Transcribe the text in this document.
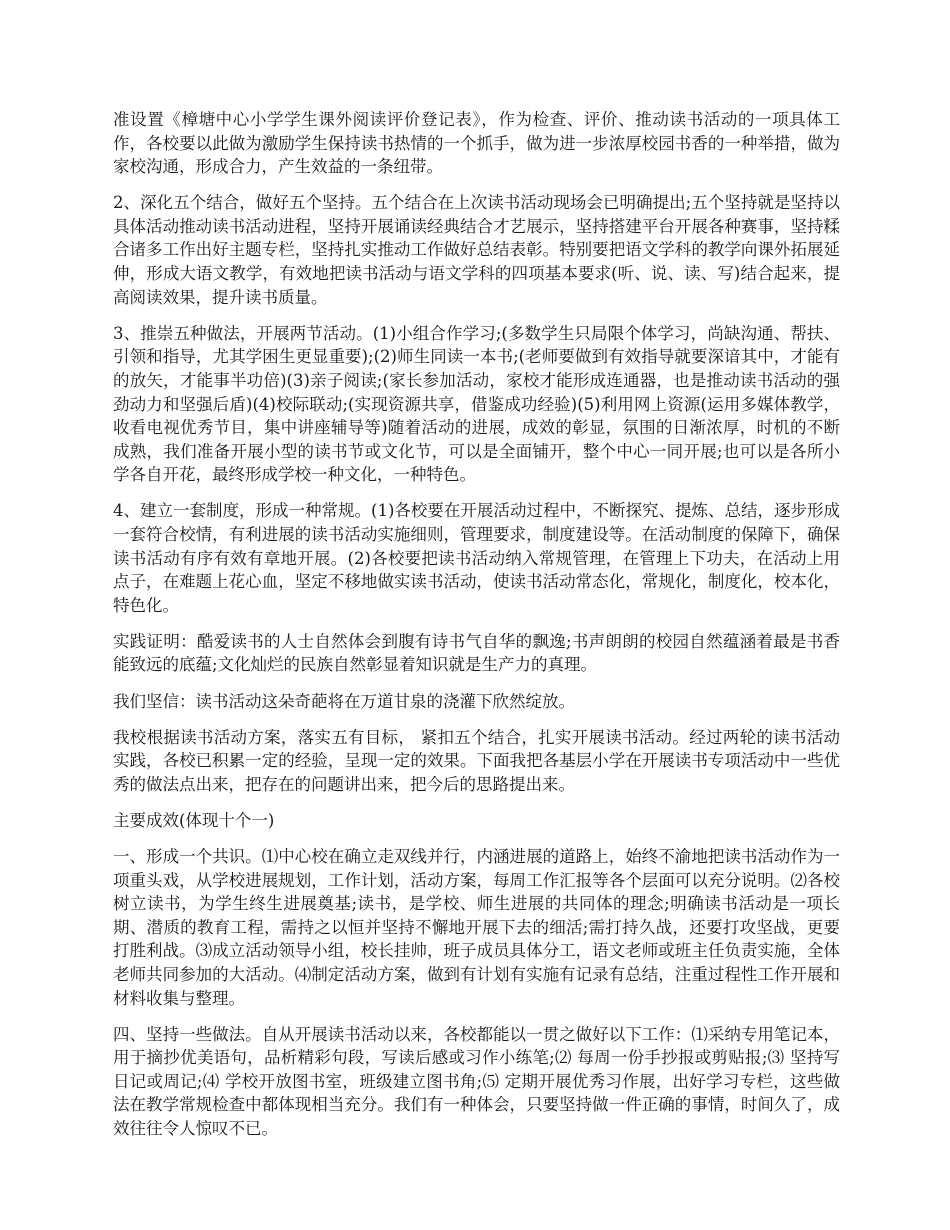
准设置《樟塘中心小学学生课外阅读评价登记表》，作为检查、评价、推动读书活动的一项具体工作，各校要以此做为激励学生保持读书热情的一个抓手，做为进一步浓厚校园书香的一种举措，做为家校沟通，形成合力，产生效益的一条纽带。

2、深化五个结合，做好五个坚持。五个结合在上次读书活动现场会已明确提出;五个坚持就是坚持以具体活动推动读书活动进程，坚持开展诵读经典结合才艺展示，坚持搭建平台开展各种赛事，坚持糅合诸多工作出好主题专栏，坚持扎实推动工作做好总结表彰。特别要把语文学科的教学向课外拓展延伸，形成大语文教学，有效地把读书活动与语文学科的四项基本要求(听、说、读、写)结合起来，提高阅读效果，提升读书质量。

3、推崇五种做法，开展两节活动。(1)小组合作学习;(多数学生只局限个体学习，尚缺沟通、帮扶、引领和指导，尤其学困生更显重要);(2)师生同读一本书;(老师要做到有效指导就要深谙其中，才能有的放矢，才能事半功倍)(3)亲子阅读;(家长参加活动，家校才能形成连通器，也是推动读书活动的强劲动力和坚强后盾)(4)校际联动;(实现资源共享，借鉴成功经验)(5)利用网上资源(运用多媒体教学，收看电视优秀节目，集中讲座辅导等)随着活动的进展，成效的彰显，氛围的日渐浓厚，时机的不断成熟，我们准备开展小型的读书节或文化节，可以是全面铺开，整个中心一同开展;也可以是各所小学各自开花，最终形成学校一种文化，一种特色。

4、建立一套制度，形成一种常规。(1)各校要在开展活动过程中，不断探究、提炼、总结，逐步形成一套符合校情，有利进展的读书活动实施细则，管理要求，制度建设等。在活动制度的保障下，确保读书活动有序有效有章地开展。(2)各校要把读书活动纳入常规管理，在管理上下功夫，在活动上用点子，在难题上花心血，坚定不移地做实读书活动，使读书活动常态化，常规化，制度化，校本化，特色化。

实践证明：酷爱读书的人士自然体会到腹有诗书气自华的飘逸;书声朗朗的校园自然蕴涵着最是书香能致远的底蕴;文化灿烂的民族自然彰显着知识就是生产力的真理。

我们坚信：读书活动这朵奇葩将在万道甘泉的浇灌下欣然绽放。

我校根据读书活动方案，落实五有目标， 紧扣五个结合，扎实开展读书活动。经过两轮的读书活动实践，各校已积累一定的经验，呈现一定的效果。下面我把各基层小学在开展读书专项活动中一些优秀的做法点出来，把存在的问题讲出来，把今后的思路提出来。

主要成效(体现十个一)

一、形成一个共识。⑴中心校在确立走双线并行，内涵进展的道路上，始终不渝地把读书活动作为一项重头戏，从学校进展规划，工作计划，活动方案，每周工作汇报等各个层面可以充分说明。⑵各校树立读书，为学生终生进展奠基;读书，是学校、师生进展的共同体的理念;明确读书活动是一项长期、潜质的教育工程，需持之以恒并坚持不懈地开展下去的细活;需打持久战，还要打攻坚战，更要打胜利战。⑶成立活动领导小组，校长挂帅，班子成员具体分工，语文老师或班主任负责实施，全体老师共同参加的大活动。⑷制定活动方案，做到有计划有实施有记录有总结，注重过程性工作开展和材料收集与整理。

四、坚持一些做法。自从开展读书活动以来，各校都能以一贯之做好以下工作：⑴采纳专用笔记本，用于摘抄优美语句，品析精彩句段，写读后感或习作小练笔;⑵ 每周一份手抄报或剪贴报;⑶ 坚持写日记或周记;⑷ 学校开放图书室，班级建立图书角;⑸ 定期开展优秀习作展，出好学习专栏，这些做法在教学常规检查中都体现相当充分。我们有一种体会，只要坚持做一件正确的事情，时间久了，成效往往令人惊叹不已。
